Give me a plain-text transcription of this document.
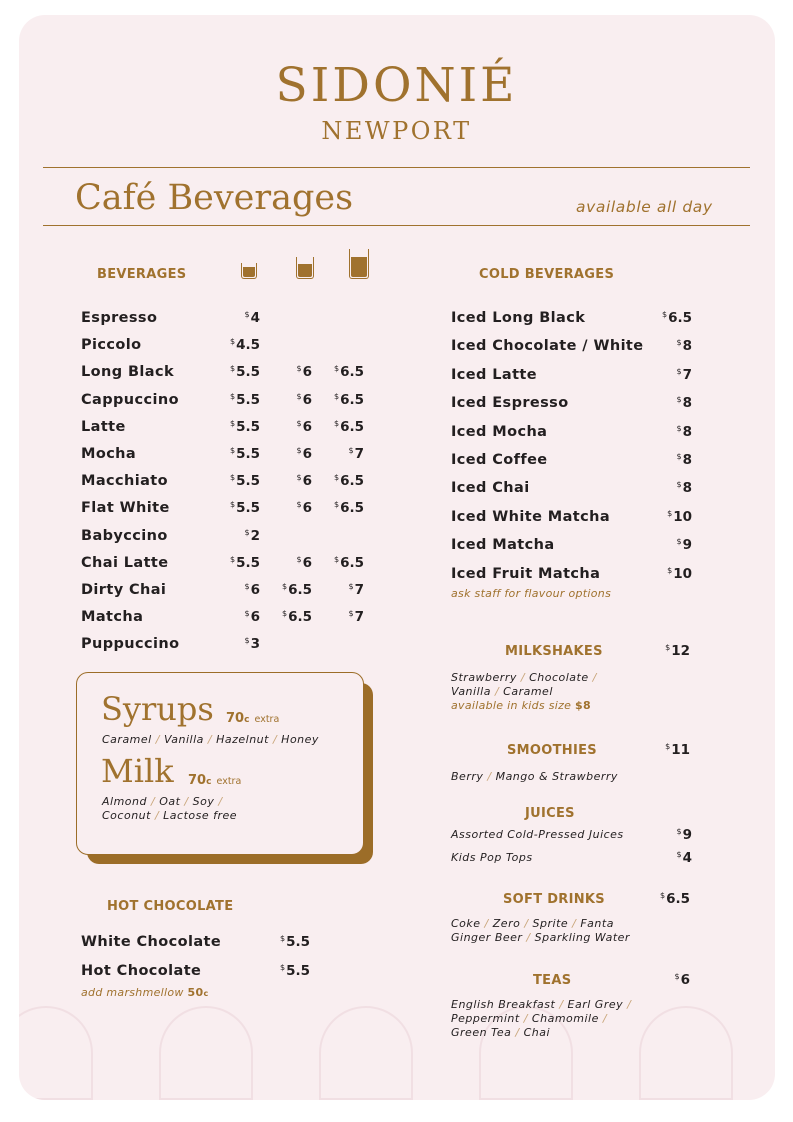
SIDONIÉ
NEWPORT
Café Beverages	available all day
BEVERAGES
Espresso	$4
Piccolo	$4.5
Long Black	$5.5	$6	$6.5
Cappuccino	$5.5	$6	$6.5
Latte	$5.5	$6	$6.5
Mocha	$5.5	$6	$7
Macchiato	$5.5	$6	$6.5
Flat White	$5.5	$6	$6.5
Babyccino	$2
Chai Latte	$5.5	$6	$6.5
Dirty Chai	$6	$6.5	$7
Matcha	$6	$6.5	$7
Puppuccino	$3
Syrups 70c extra
Caramel / Vanilla / Hazelnut / Honey
Milk 70c extra
Almond / Oat / Soy /
Coconut / Lactose free
HOT CHOCOLATE
White Chocolate	$5.5
Hot Chocolate	$5.5
add marshmellow 50c
COLD BEVERAGES
Iced Long Black	$6.5
Iced Chocolate / White	$8
Iced Latte	$7
Iced Espresso	$8
Iced Mocha	$8
Iced Coffee	$8
Iced Chai	$8
Iced White Matcha	$10
Iced Matcha	$9
Iced Fruit Matcha	$10
ask staff for flavour options
MILKSHAKES	$12
Strawberry / Chocolate /
Vanilla / Caramel
available in kids size $8
SMOOTHIES	$11
Berry / Mango & Strawberry
JUICES
Assorted Cold-Pressed Juices	$9
Kids Pop Tops	$4
SOFT DRINKS	$6.5
Coke / Zero / Sprite / Fanta
Ginger Beer / Sparkling Water
TEAS	$6
English Breakfast / Earl Grey /
Peppermint / Chamomile /
Green Tea / Chai
